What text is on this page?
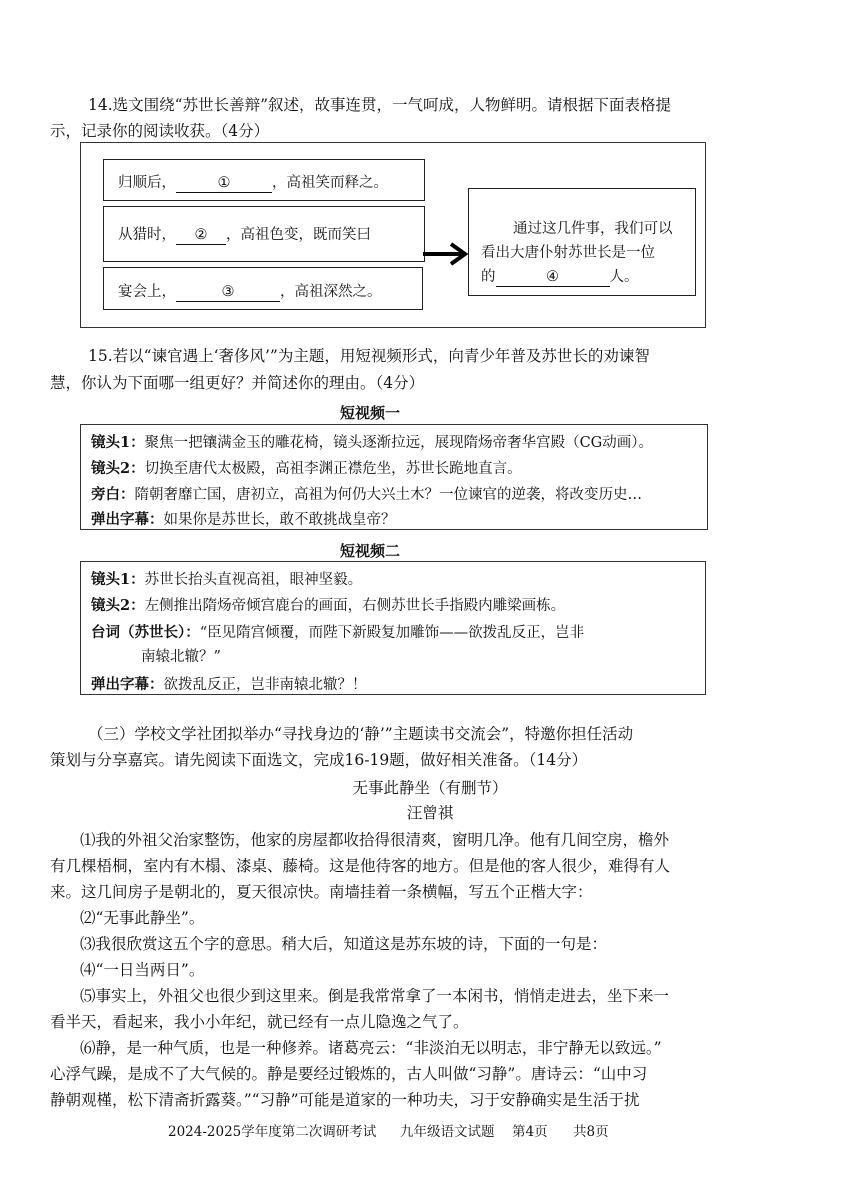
14.选文围绕“苏世长善辩”叙述，故事连贯，一气呵成，人物鲜明。请根据下面表格提
示，记录你的阅读收获。（4分）
归顺后，	①	，高祖笑而释之。
从猎时， ② ，高祖色变，既而笑曰
宴会上，	③	，高祖深然之。
通过这几件事，我们可以
看出大唐仆射苏世长是一位
的	④	人。
15.若以“谏官遇上‘奢侈风’”为主题，用短视频形式，向青少年普及苏世长的劝谏智
慧，你认为下面哪一组更好？并简述你的理由。（4分）
短视频一
镜头1：聚焦一把镶满金玉的雕花椅，镜头逐渐拉远，展现隋炀帝奢华宫殿（CG动画）。
镜头2：切换至唐代太极殿，高祖李渊正襟危坐，苏世长跪地直言。
旁白：隋朝奢靡亡国，唐初立，高祖为何仍大兴土木？一位谏官的逆袭，将改变历史…
弹出字幕：如果你是苏世长，敢不敢挑战皇帝？
短视频二
镜头1：苏世长抬头直视高祖，眼神坚毅。
镜头2：左侧推出隋炀帝倾宫鹿台的画面，右侧苏世长手指殿内雕梁画栋。
台词（苏世长）：“臣见隋宫倾覆，而陛下新殿复加雕饰——欲拨乱反正，岂非
南辕北辙？”
弹出字幕：欲拨乱反正，岂非南辕北辙？！
（三）学校文学社团拟举办“寻找身边的‘静’”主题读书交流会”，特邀你担任活动
策划与分享嘉宾。请先阅读下面选文，完成16-19题，做好相关准备。（14分）
无事此静坐（有删节）
汪曾祺
⑴我的外祖父治家整饬，他家的房屋都收拾得很清爽，窗明几净。他有几间空房，檐外
有几棵梧桐，室内有木榻、漆桌、藤椅。这是他待客的地方。但是他的客人很少，难得有人
来。这几间房子是朝北的，夏天很凉快。南墙挂着一条横幅，写五个正楷大字：
⑵“无事此静坐”。
⑶我很欣赏这五个字的意思。稍大后，知道这是苏东坡的诗，下面的一句是：
⑷“一日当两日”。
⑸事实上，外祖父也很少到这里来。倒是我常常拿了一本闲书，悄悄走进去，坐下来一
看半天，看起来，我小小年纪，就已经有一点儿隐逸之气了。
⑹静，是一种气质，也是一种修养。诸葛亮云：“非淡泊无以明志，非宁静无以致远。”
心浮气躁，是成不了大气候的。静是要经过锻炼的，古人叫做“习静”。唐诗云：“山中习
静朝观槿，松下清斋折露葵。”“习静”可能是道家的一种功夫，习于安静确实是生活于扰
2024-2025学年度第二次调研考试 九年级语文试题 第4页 共8页
